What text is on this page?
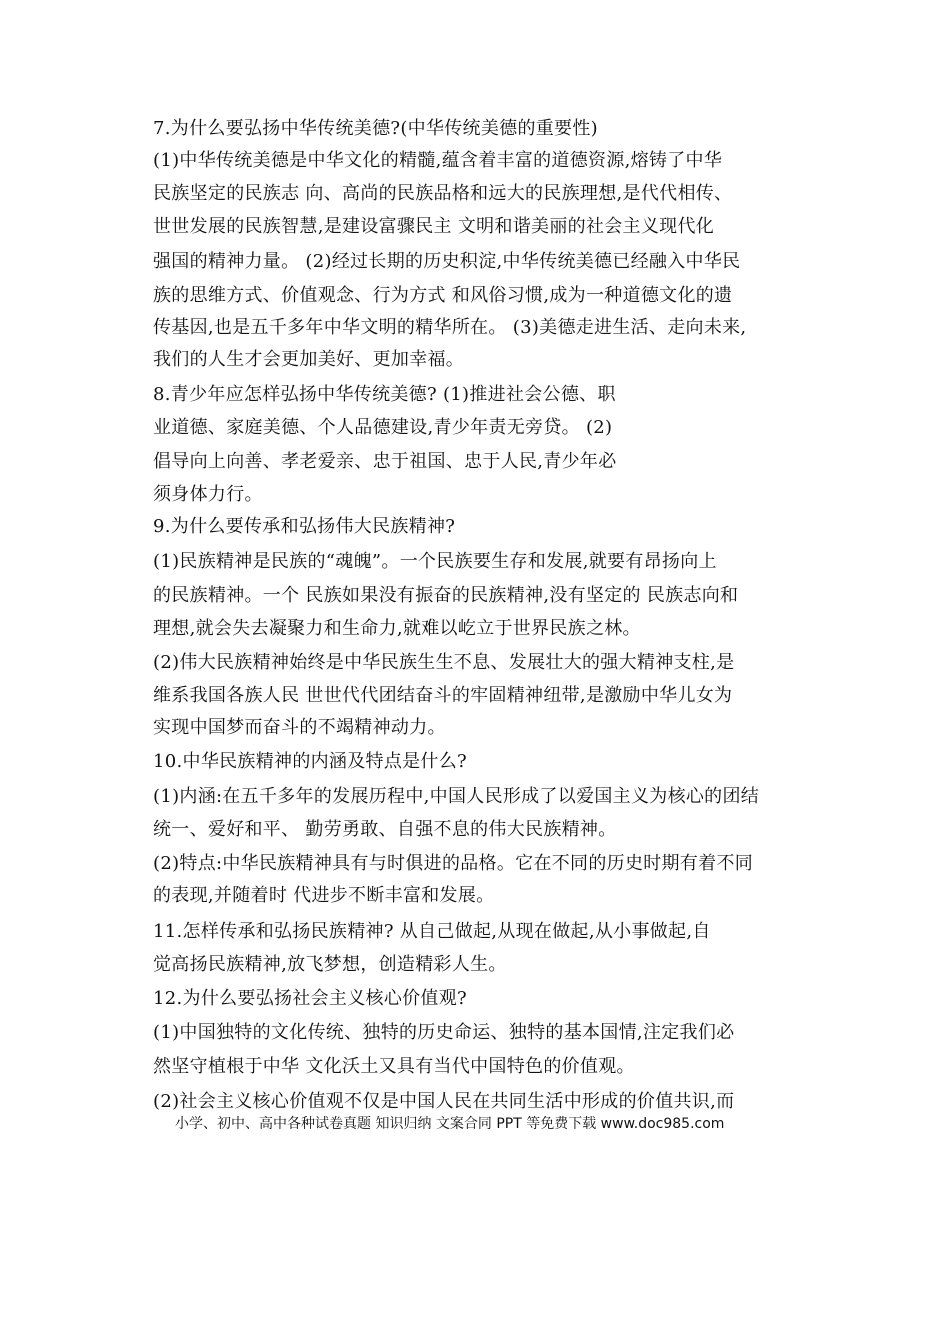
7.为什么要弘扬中华传统美德?(中华传统美德的重要性)
(1)中华传统美德是中华文化的精髓,蕴含着丰富的道德资源,熔铸了中华
民族坚定的民族志 向、高尚的民族品格和远大的民族理想,是代代相传、
世世发展的民族智慧,是建设富骤民主 文明和谐美丽的社会主义现代化
强国的精神力量。 (2)经过长期的历史积淀,中华传统美德已经融入中华民
族的思维方式、价值观念、行为方式 和风俗习惯,成为一种道德文化的遗
传基因,也是五千多年中华文明的精华所在。 (3)美德走进生活、走向未来,
我们的人生才会更加美好、更加幸福。
8.青少年应怎样弘扬中华传统美德? (1)推进社会公德、职
业道德、家庭美德、个人品德建设,青少年责无旁贷。 (2)
倡导向上向善、孝老爱亲、忠于祖国、忠于人民,青少年必
须身体力行。
9.为什么要传承和弘扬伟大民族精神?
(1)民族精神是民族的“魂魄”。一个民族要生存和发展,就要有昂扬向上
的民族精神。一个 民族如果没有振奋的民族精神,没有坚定的 民族志向和
理想,就会失去凝聚力和生命力,就难以屹立于世界民族之林。
(2)伟大民族精神始终是中华民族生生不息、发展壮大的强大精神支柱,是
维系我国各族人民 世世代代团结奋斗的牢固精神纽带,是激励中华儿女为
实现中国梦而奋斗的不竭精神动力。
10.中华民族精神的内涵及特点是什么?
(1)内涵:在五千多年的发展历程中,中国人民形成了以爱国主义为核心的团结
统一、爱好和平、 勤劳勇敢、自强不息的伟大民族精神。
(2)特点:中华民族精神具有与时俱进的品格。它在不同的历史时期有着不同
的表现,并随着时 代进步不断丰富和发展。
11.怎样传承和弘扬民族精神? 从自己做起,从现在做起,从小事做起,自
觉高扬民族精神,放飞梦想，创造精彩人生。
12.为什么要弘扬社会主义核心价值观?
(1)中国独特的文化传统、独特的历史命运、独特的基本国情,注定我们必
然坚守植根于中华 文化沃土又具有当代中国特色的价值观。
(2)社会主义核心价值观不仅是中国人民在共同生活中形成的价值共识,而
小学、初中、高中各种试卷真题 知识归纳 文案合同 PPT 等免费下载 www.doc985.com
